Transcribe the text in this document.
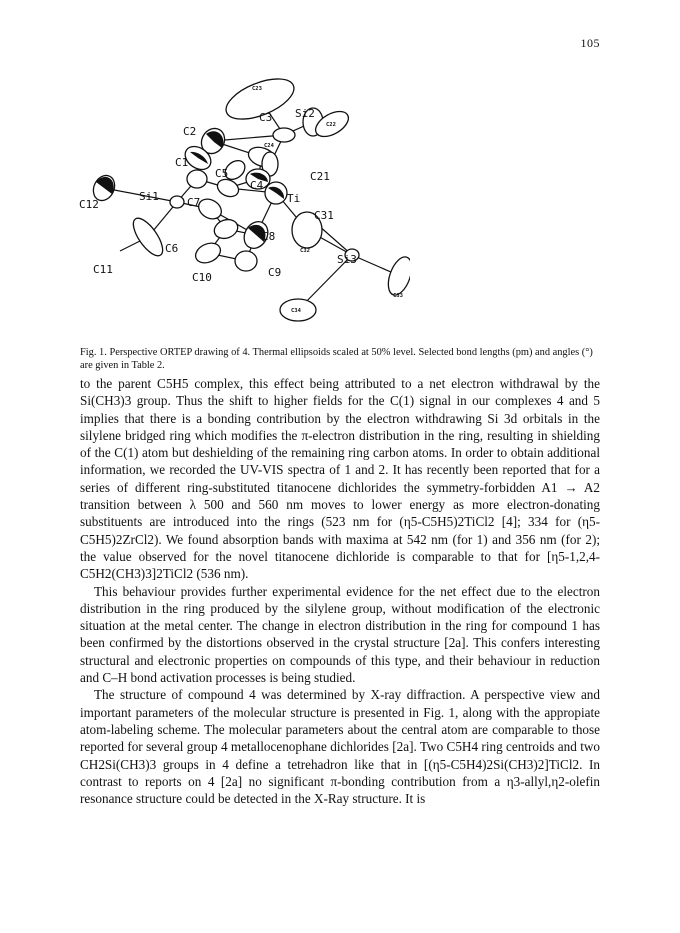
105
C23
C3 Si2
C22
C2
C24
C1
C5	C21
C4
C12
Si1	C7	Ti
C31
C8
C6	C32
Si3
C11
C10	C9
C33
C34
Fig. 1. Perspective ORTEP drawing of 4. Thermal ellipsoids scaled at 50% level. Selected bond lengths (pm) and angles (°) are given in Table 2.

to the parent C5H5 complex, this effect being attributed to a net electron withdrawal by the Si(CH3)3 group. Thus the shift to higher fields for the C(1) signal in our complexes 4 and 5 implies that there is a bonding contribution by the electron withdrawing Si 3d orbitals in the silylene bridged ring which modifies the π-electron distribution in the ring, resulting in shielding of the C(1) atom but deshielding of the remaining ring carbon atoms. In order to obtain additional information, we recorded the UV-VIS spectra of 1 and 2. It has recently been reported that for a series of different ring-substituted titanocene dichlorides the symmetry-forbidden A1 → A2 transition between λ 500 and 560 nm moves to lower energy as more electron-donating substituents are introduced into the rings (523 nm for (η5-C5H5)2TiCl2 [4]; 334 for (η5-C5H5)2ZrCl2). We found absorption bands with maxima at 542 nm (for 1) and 356 nm (for 2); the value observed for the novel titanocene dichloride is comparable to that for [η5-1,2,4-C5H2(CH3)3]2TiCl2 (536 nm).

This behaviour provides further experimental evidence for the net effect due to the electron distribution in the ring produced by the silylene group, without modification of the electronic situation at the metal center. The change in electron distribution in the ring for compound 1 has been confirmed by the distortions observed in the crystal structure [2a]. This confers interesting structural and electronic properties on compounds of this type, and their behaviour in reduction and C–H bond activation processes is being studied.

The structure of compound 4 was determined by X-ray diffraction. A perspective view and important parameters of the molecular structure is presented in Fig. 1, along with the appropiate atom-labeling scheme. The molecular parameters about the central atom are comparable to those reported for several group 4 metallocenophane dichlorides [2a]. Two C5H4 ring centroids and two CH2Si(CH3)3 groups in 4 define a tetrehadron like that in [(η5-C5H4)2Si(CH3)2]TiCl2. In contrast to reports on 4 [2a] no significant π-bonding contribution from a η3-allyl,η2-olefin resonance structure could be detected in the X-Ray structure. It is
